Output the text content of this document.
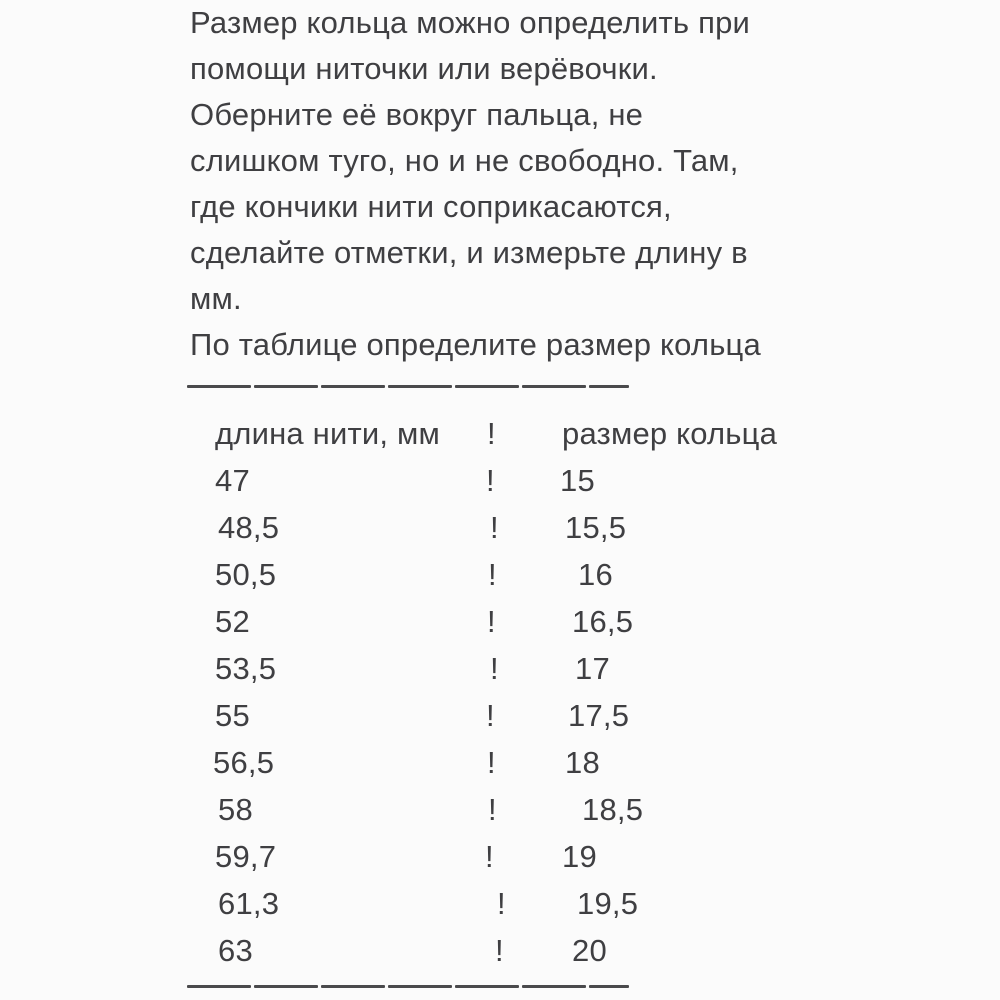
Размер кольца можно определить при
помощи ниточки или верёвочки.
Оберните её вокруг пальца, не
слишком туго, но и не свободно. Там,
где кончики нити соприкасаются,
сделайте отметки, и измерьте длину в
мм.
По таблице определите размер кольца
длина нити, мм ! размер кольца
47	! 15
48,5	! 15,5
50,5	!	16
52	! 16,5
53,5	! 17
55	! 17,5
56,5	! 18
58	!	18,5
59,7	! 19
61,3	! 19,5
63	! 20
